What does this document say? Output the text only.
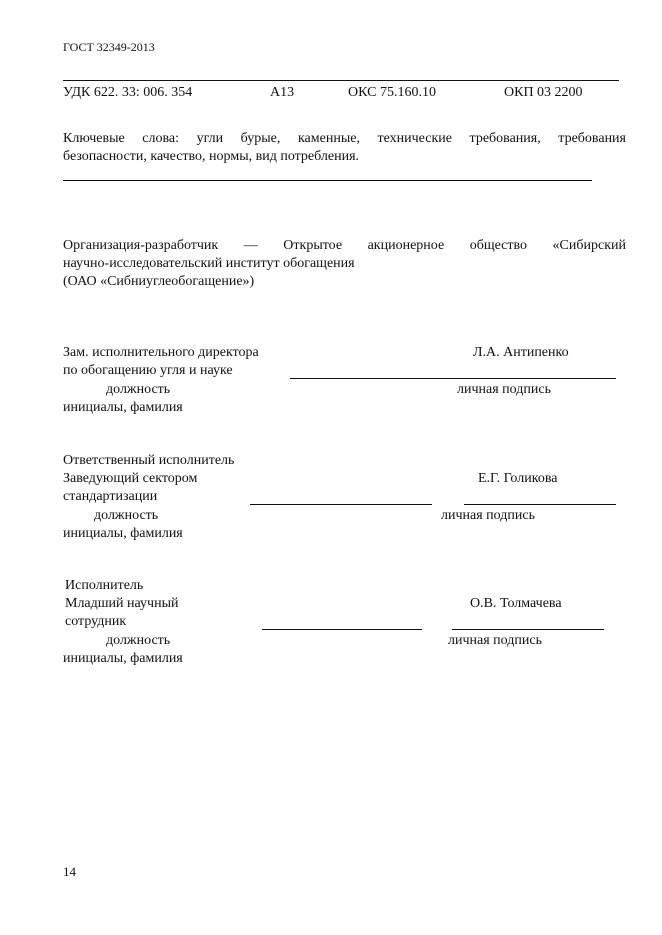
ГОСТ 32349-2013
УДК 622. 33: 006. 354	А13	ОКС 75.160.10	ОКП 03 2200
Ключевые слова: угли бурые, каменные, технические требования, требования
безопасности, качество, нормы, вид потребления.
Организация-разработчик — Открытое акционерное общество «Сибирский
научно-исследовательский институт обогащения
(ОАО «Сибниуглеобогащение»)
Зам. исполнительного директора
по обогащению угля и науке
Л.А. Антипенко
должность	личная подпись
инициалы, фамилия
Ответственный исполнитель
Заведующий сектором
стандартизации
Е.Г. Голикова
должность	личная подпись
инициалы, фамилия
Исполнитель
Младший научный
сотрудник
О.В. Толмачева
должность	личная подпись
инициалы, фамилия
14
